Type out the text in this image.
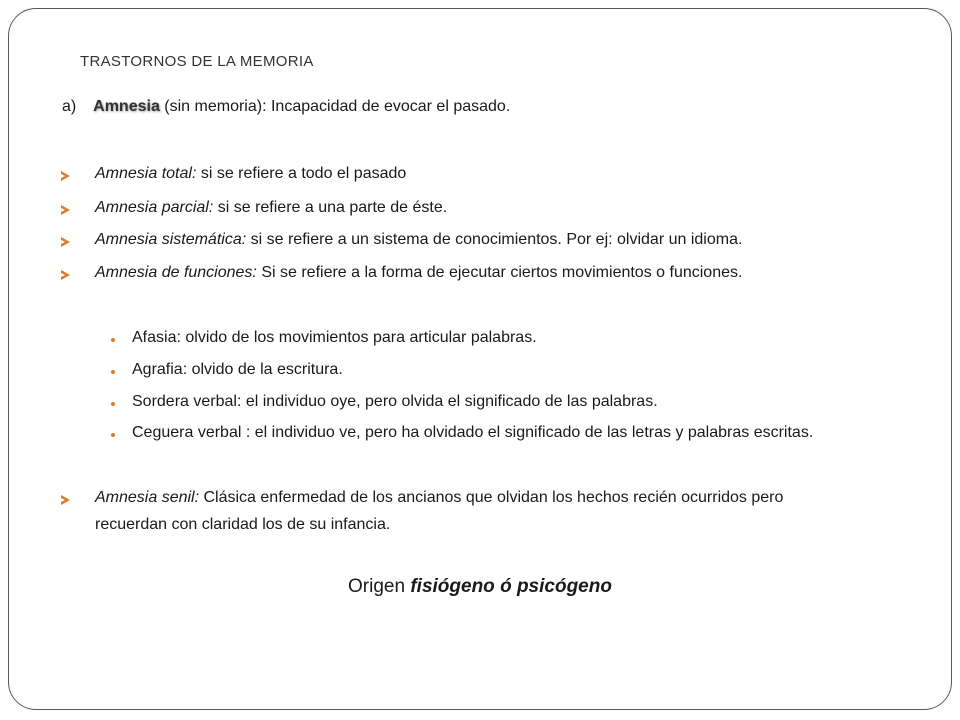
TRASTORNOS DE LA MEMORIA
a) Amnesia (sin memoria): Incapacidad de evocar el pasado.
Amnesia total: si se refiere a todo el pasado
Amnesia parcial: si se refiere a una parte de éste.
Amnesia sistemática: si se refiere a un sistema de conocimientos. Por ej: olvidar un idioma.
Amnesia de funciones: Si se refiere a la forma de ejecutar ciertos movimientos o funciones.
Afasia: olvido de los movimientos para articular palabras.
Agrafia: olvido de la escritura.
Sordera verbal: el individuo oye, pero olvida el significado de las palabras.
Ceguera verbal : el individuo ve, pero ha olvidado el significado de las letras y palabras escritas.
Amnesia senil: Clásica enfermedad de los ancianos que olvidan los hechos recién ocurridos pero
recuerdan con claridad los de su infancia.
Origen fisiógeno ó psicógeno
